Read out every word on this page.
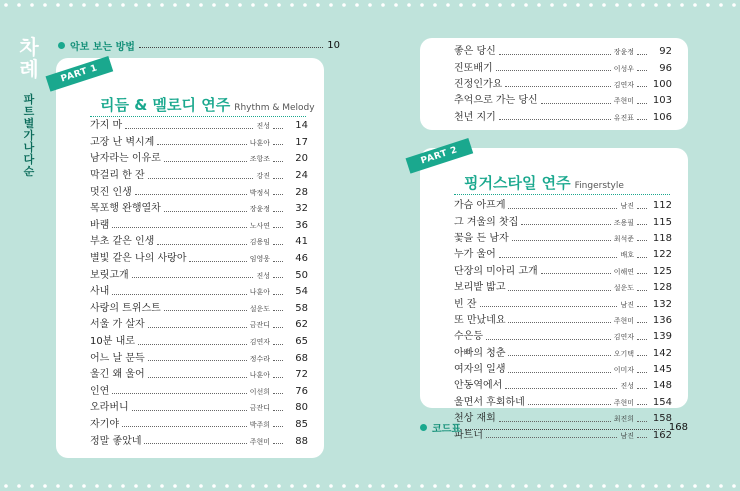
차
례
파
트
별
가
나
다
순
악보 보는 방법	10
PART 1
리듬 & 멜로디 연주 Rhythm & Melody
가지 마	진성	14
고장 난 벽시계	나훈아	17
남자라는 이유로	조항조	20
막걸리 한 잔	강진	24
멋진 인생	박정식	28
목포행 완행열차	장윤정	32
바램	노사연	36
부초 같은 인생	김용임	41
별빛 같은 나의 사랑아	임영웅	46
보릿고개	진성	50
사내	나훈아	54
사랑의 트위스트	설운도	58
서울 가 살자	금잔디	62
10분 내로	김연자	65
어느 날 문득	정수라	68
울긴 왜 울어	나훈아	72
인연	이선희	76
오라버니	금잔디	80
자기야	박주희	85
정말 좋았네	주현미	88
좋은 당신	장윤정	92
진또배기	이성우	96
진정인가요	김연자 100
추억으로 가는 당신	주현미 103
천년 지기	유진표 106
PART 2
핑거스타일 연주 Fingerstyle
가슴 아프게	남진 112
그 겨울의 찻집	조용필 115
꽃을 든 남자	최석준 118
누가 울어	배호 122
단장의 미아리 고개	이해연 125
보리밭 밟고	설운도 128
빈 잔	남진 132
또 만났네요	주현미 136
수은등	김연자 139
아빠의 청춘	오기택 142
여자의 일생	이미자 145
안동역에서	진성 148
울면서 후회하네	주현미 154
천상 재회	최진희 158
파트너	남진 162
코드표	168
